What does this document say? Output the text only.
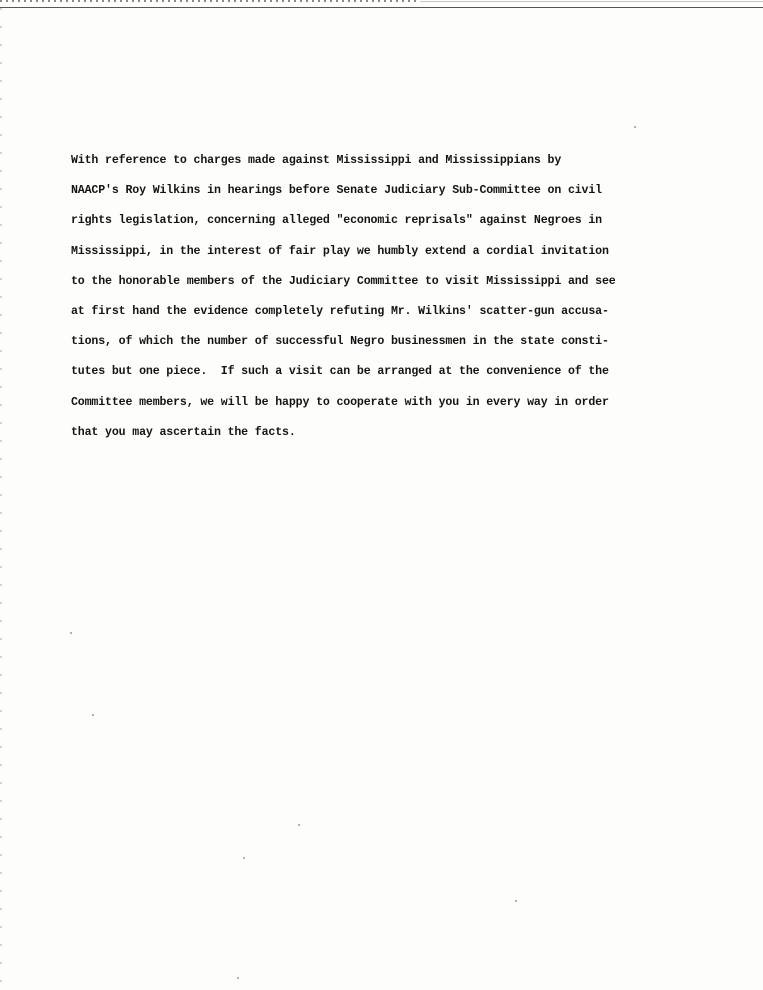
With reference to charges made against Mississippi and Mississippians by
NAACP's Roy Wilkins in hearings before Senate Judiciary Sub-Committee on civil
rights legislation, concerning alleged "economic reprisals" against Negroes in
Mississippi, in the interest of fair play we humbly extend a cordial invitation
to the honorable members of the Judiciary Committee to visit Mississippi and see
at first hand the evidence completely refuting Mr. Wilkins' scatter-gun accusa-
tions, of which the number of successful Negro businessmen in the state consti-
tutes but one piece.  If such a visit can be arranged at the convenience of the
Committee members, we will be happy to cooperate with you in every way in order
that you may ascertain the facts.
